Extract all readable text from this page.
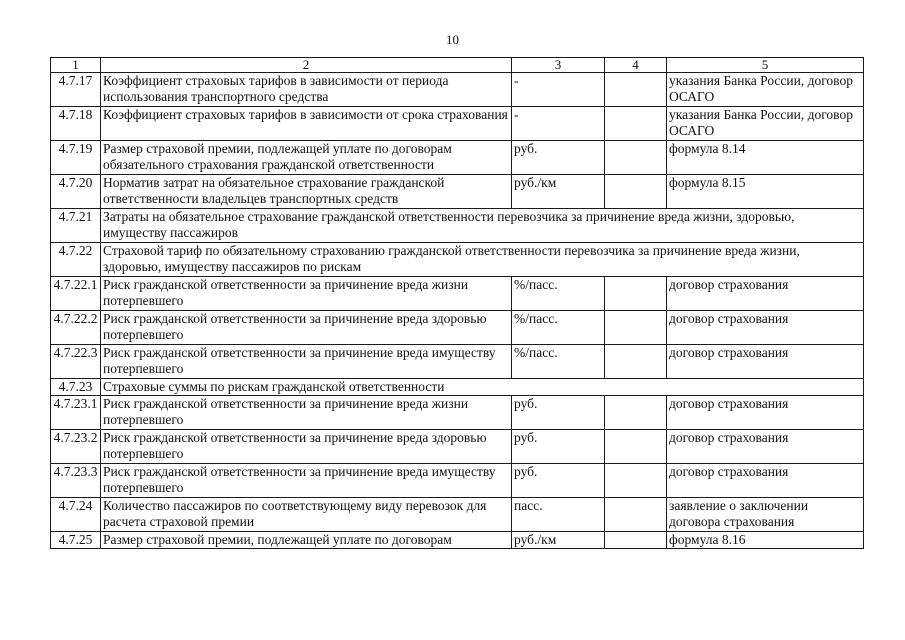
10
1	2	3	4	5
4.7.17	Коэффициент страховых тарифов в зависимости от периода использования транспортного средства	-		указания Банка России, договор ОСАГО
4.7.18	Коэффициент страховых тарифов в зависимости от срока страхования	-		указания Банка России, договор ОСАГО
4.7.19	Размер страховой премии, подлежащей уплате по договорам обязательного страхования гражданской ответственности	руб.		формула 8.14
4.7.20	Норматив затрат на обязательное страхование гражданской ответственности владельцев транспортных средств	руб./км		формула 8.15
4.7.21	Затраты на обязательное страхование гражданской ответственности перевозчика за причинение вреда жизни, здоровью, имуществу пассажиров			
4.7.22	Страховой тариф по обязательному страхованию гражданской ответственности перевозчика за причинение вреда жизни, здоровью, имуществу пассажиров по рискам			
4.7.22.1	Риск гражданской ответственности за причинение вреда жизни потерпевшего	%/пасс.		договор страхования
4.7.22.2	Риск гражданской ответственности за причинение вреда здоровью потерпевшего	%/пасс.		договор страхования
4.7.22.3	Риск гражданской ответственности за причинение вреда имуществу потерпевшего	%/пасс.		договор страхования
4.7.23	Страховые суммы по рискам гражданской ответственности			
4.7.23.1	Риск гражданской ответственности за причинение вреда жизни потерпевшего	руб.		договор страхования
4.7.23.2	Риск гражданской ответственности за причинение вреда здоровью потерпевшего	руб.		договор страхования
4.7.23.3	Риск гражданской ответственности за причинение вреда имуществу потерпевшего	руб.		договор страхования
4.7.24	Количество пассажиров по соответствующему виду перевозок для расчета страховой премии	пасс.		заявление о заключении договора страхования
4.7.25	Размер страховой премии, подлежащей уплате по договорам	руб./км		формула 8.16
